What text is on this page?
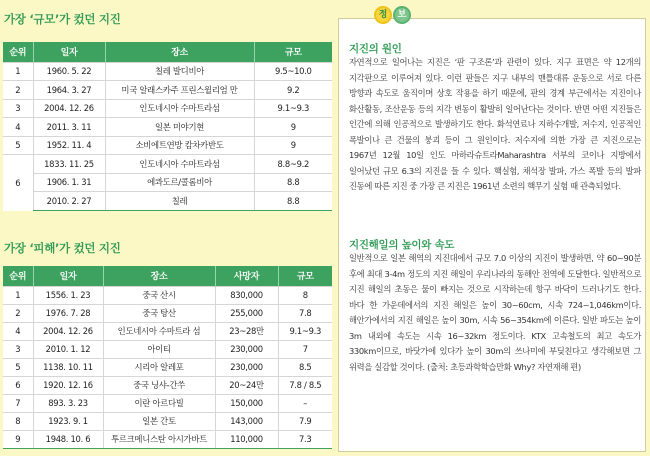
가장 ‘규모’가 컸던 지진
순위	일자	장소	규모
1	1960. 5. 22	칠레 발디비아	9.5~10.0
2	1964. 3. 27	미국 알래스카주 프린스윌리엄 만	9.2
3	2004. 12. 26	인도네시아 수마트라섬	9.1~9.3
4	2011. 3. 11	일본 미야기현	9
5	1952. 11. 4	소비에트연방 캄차카반도	9
6	1833. 11. 25	인도네시아 수마트라섬	8.8~9.2
	1906. 1. 31	에콰도르/콜롬비아	8.8
	2010. 2. 27	칠레	8.8
가장 ‘피해’가 컸던 지진
순위	일자	장소	사망자	규모
1	1556. 1. 23	중국 산시	830,000	8
2	1976. 7. 28	중국 탕산	255,000	7.8
4	2004. 12. 26	인도네시아 수마트라 섬	23~28만	9.1~9.3
3	2010. 1. 12	아이티	230,000	7
5	1138. 10. 11	시리아 알레포	230,000	8.5
6	1920. 12. 16	중국 닝샤-간쑤	20~24만	7.8 / 8.5
7	893. 3. 23	이란 아르다빌	150,000	–
8	1923. 9. 1	일본 간토	143,000	7.9
9	1948. 10. 6	투르크메니스탄 아시가바트	110,000	7.3
정	보
지진의 원인

자연적으로 일어나는 지진은 ‘판 구조론’과 관련이 있다. 지구 표면은 약 12개의 지각판으로 이루어져 있다. 이런 판들은 지구 내부의 맨틀대류 운동으로 서로 다른 방향과 속도로 움직이며 상호 작용을 하기 때문에, 판의 경계 부근에서는 지진이나 화산활동, 조산운동 등의 지각 변동이 활발히 일어난다는 것이다. 반면 어떤 지진들은 인간에 의해 인공적으로 발생하기도 한다. 화석연료나 지하수개발, 저수지, 인공적인 폭발이나 큰 건물의 붕괴 등이 그 원인이다. 저수지에 의한 가장 큰 지진으로는 1967년 12월 10일 인도 마하라슈트라Maharashtra 서부의 코이나 지방에서 일어났던 규모 6.3의 지진을 들 수 있다. 핵실험, 채석장 발파, 가스 폭발 등의 발파 진동에 따른 지진 중 가장 큰 지진은 1961년 소련의 핵무기 실험 때 관측되었다.

지진해일의 높이와 속도

일반적으로 일본 해역의 지진대에서 규모 7.0 이상의 지진이 발생하면, 약 60~90분 후에 최대 3-4m 정도의 지진 해일이 우리나라의 동해안 전역에 도달한다. 일반적으로 지진 해일의 초동은 물이 빠지는 것으로 시작하는데 항구 바닥이 드러나기도 한다. 바다 한 가운데에서의 지진 해일은 높이 30~60cm, 시속 724~1,046km이다. 해안가에서의 지진 해일은 높이 30m, 시속 56~354km에 이른다. 일반 파도는 높이 3m 내외에 속도는 시속 16~32km 정도이다. KTX 고속철도의 최고 속도가 330km이므로, 바닷가에 있다가 높이 30m의 쓰나미에 부딪친다고 생각해보면 그 위력을 실감할 것이다. (출처: 초등과학학습만화 Why? 자연재해 편)
